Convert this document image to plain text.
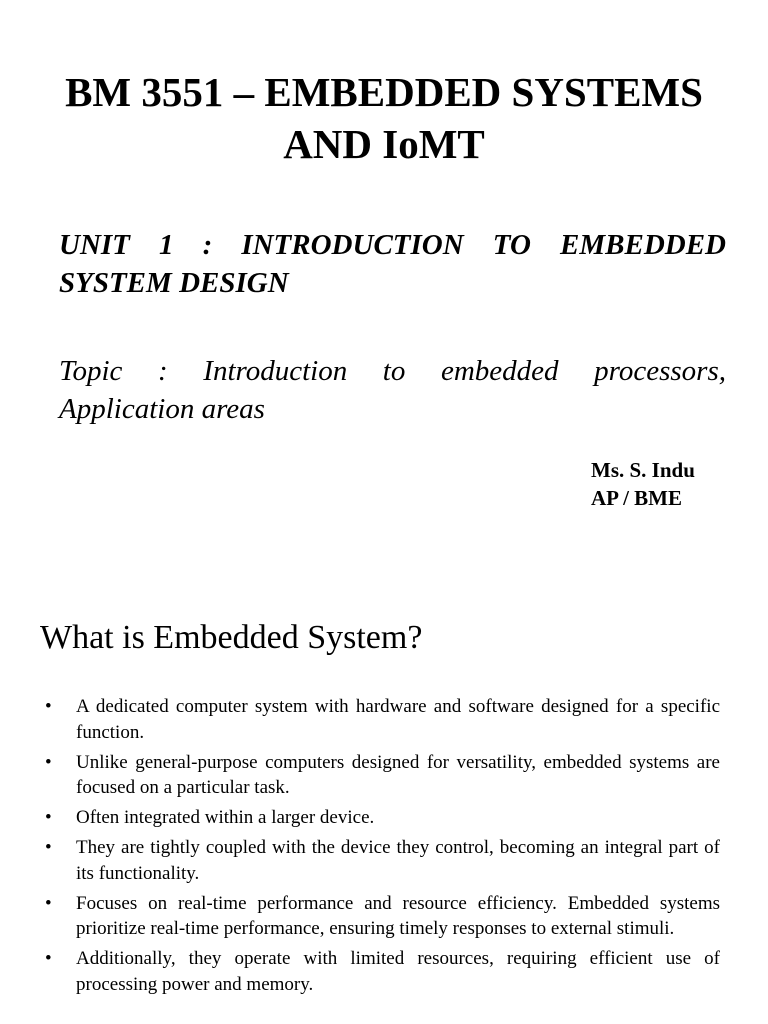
BM 3551 – EMBEDDED SYSTEMS AND IoMT

UNIT 1 : INTRODUCTION TO EMBEDDED SYSTEM DESIGN

Topic : Introduction to embedded processors, Application areas

Ms. S. Indu
AP / BME
What is Embedded System?
• A dedicated computer system with hardware and software designed for a specific function.
• Unlike general-purpose computers designed for versatility, embedded systems are focused on a particular task.
• Often integrated within a larger device.
• They are tightly coupled with the device they control, becoming an integral part of its functionality.
• Focuses on real-time performance and resource efficiency. Embedded systems prioritize real-time performance, ensuring timely responses to external stimuli.
• Additionally, they operate with limited resources, requiring efficient use of processing power and memory.
